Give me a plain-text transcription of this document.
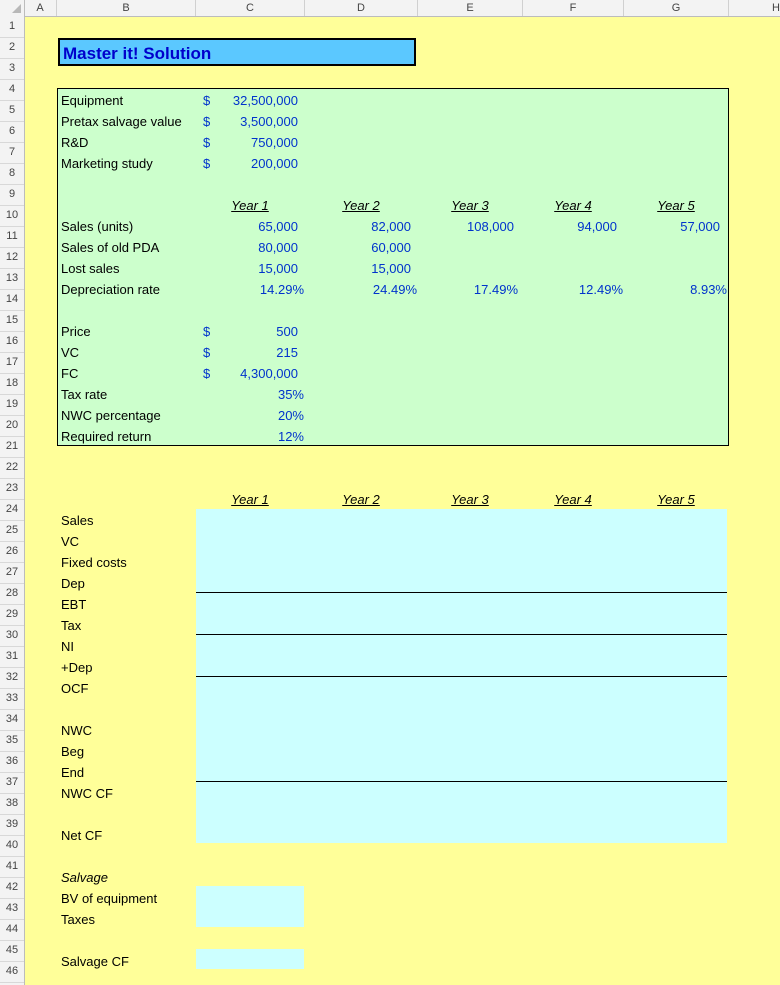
A	B	C	D	E	F	G	H
1
2
3
4
5
6
7
8
9
10
11
12
13
14
15
16
17
18
19
20
21
22
23
24
25
26
27
28
29
30
31
32
33
34
35
36
37
38
39
40
41
42
43
44
45
46
Master it! Solution
Equipment	$	32,500,000
Pretax salvage value $	3,500,000
R&D	$	750,000
Marketing study	$	200,000
Year 1	Year 2	Year 3	Year 4	Year 5
Sales (units)	65,000	82,000	108,000	94,000	57,000
Sales of old PDA	80,000	60,000
Lost sales	15,000	15,000
Depreciation rate	14.29%	24.49%	17.49%	12.49%	8.93%
Price	$	500
VC	$	215
FC	$	4,300,000
Tax rate	35%
NWC percentage	20%
Required return	12%
Year 1	Year 2	Year 3	Year 4	Year 5
Sales
VC
Fixed costs
Dep
EBT
Tax
NI
+Dep
OCF
NWC
Beg
End
NWC CF
Net CF
Salvage
BV of equipment
Taxes
Salvage CF
